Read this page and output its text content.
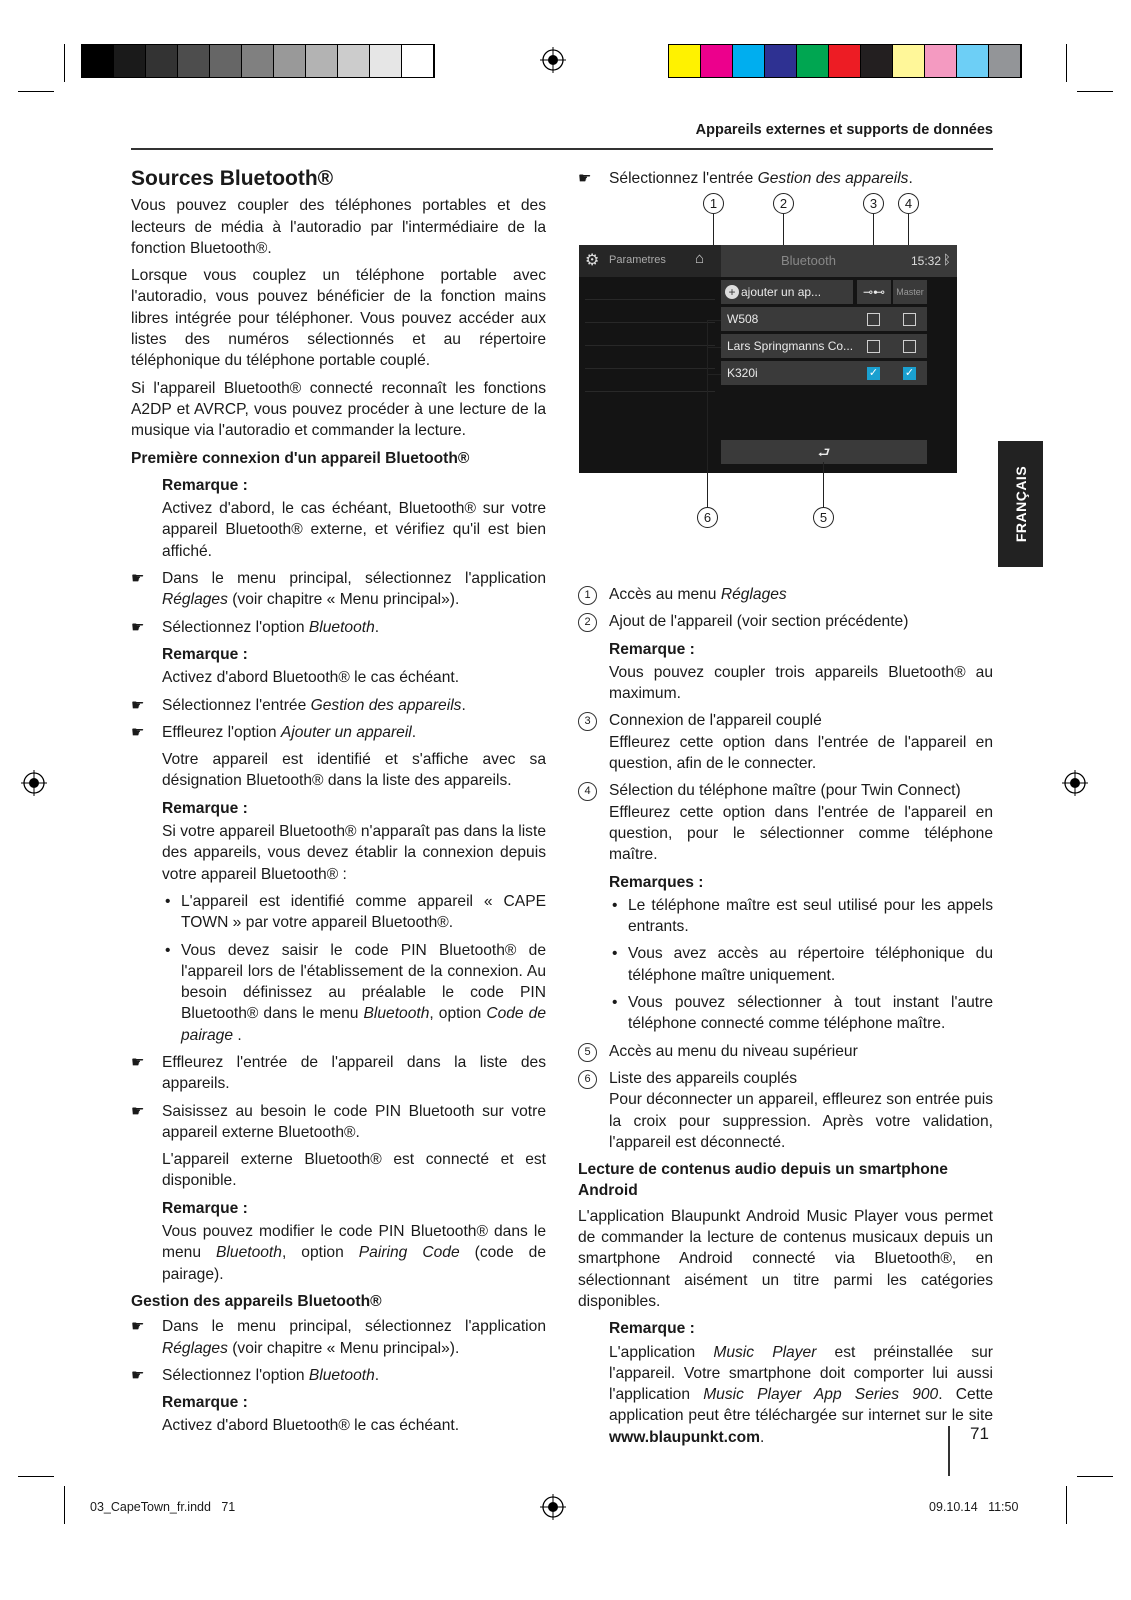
Appareils externes et supports de données
Sources Bluetooth®

Vous pouvez coupler des téléphones portables et des lecteurs de média à l'autoradio par l'intermédiaire de la fonction Bluetooth®.

Lorsque vous couplez un téléphone portable avec l'autoradio, vous pouvez bénéficier de la fonction mains libres intégrée pour téléphoner. Vous pouvez accéder aux listes des numéros sélectionnés et au répertoire téléphonique du téléphone portable couplé.

Si l'appareil Bluetooth® connecté reconnaît les fonctions A2DP et AVRCP, vous pouvez procéder à une lecture de la musique via l'autoradio et commander la lecture.

Première connexion d'un appareil Bluetooth®
Remarque :

Activez d'abord, le cas échéant, Bluetooth® sur votre appareil Bluetooth® externe, et vérifiez qu'il est bien affiché.

☛ Dans le menu principal, sélectionnez l'application Réglages (voir chapitre « Menu principal»).
☛ Sélectionnez l'option Bluetooth.
Remarque :

Activez d'abord Bluetooth® le cas échéant.

☛ Sélectionnez l'entrée Gestion des appareils.
☛ Effleurez l'option Ajouter un appareil.

Votre appareil est identifié et s'affiche avec sa désignation Bluetooth® dans la liste des appareils.

Remarque :

Si votre appareil Bluetooth® n'apparaît pas dans la liste des appareils, vous devez établir la connexion depuis votre appareil Bluetooth® :

• L'appareil est identifié comme appareil « CAPE TOWN » par votre appareil Bluetooth®.
• Vous devez saisir le code PIN Bluetooth® de l'appareil lors de l'établissement de la connexion. Au besoin définissez au préalable le code PIN Bluetooth® dans le menu Bluetooth, option Code de pairage .
☛ Effleurez l'entrée de l'appareil dans la liste des appareils.
☛ Saisissez au besoin le code PIN Bluetooth sur votre appareil externe Bluetooth®.

L'appareil externe Bluetooth® est connecté et est disponible.

Remarque :

Vous pouvez modifier le code PIN Bluetooth® dans le menu Bluetooth, option Pairing Code (code de pairage).

Gestion des appareils Bluetooth®
☛ Dans le menu principal, sélectionnez l'application Réglages (voir chapitre « Menu principal»).
☛ Sélectionnez l'option Bluetooth.
Remarque :

Activez d'abord Bluetooth® le cas échéant.

☛ Sélectionnez l'entrée Gestion des appareils.
1	2	3	4
⚙ Parametres ⌂	Bluetooth	15:32 ᛒ
+ ajouter un ap...	⊸⊷	Master
W508
Lars Springmanns Co...
K320i	✓ ✓
⮐
6	5
1	Accès au menu Réglages
2	Ajout de l'appareil (voir section précédente)
Remarque :

Vous pouvez coupler trois appareils Bluetooth® au maximum.

3	Connexion de l'appareil couplé

Effleurez cette option dans l'entrée de l'appareil en question, afin de le connecter.
4	Sélection du téléphone maître (pour Twin Connect)

Effleurez cette option dans l'entrée de l'appareil en question, pour le sélectionner comme téléphone maître.
Remarques :
• Le téléphone maître est seul utilisé pour les appels entrants.
• Vous avez accès au répertoire téléphonique du téléphone maître uniquement.
• Vous pouvez sélectionner à tout instant l'autre téléphone connecté comme téléphone maître.
5	Accès au menu du niveau supérieur
6	Liste des appareils couplés

Pour déconnecter un appareil, effleurez son entrée puis la croix pour suppression. Après votre validation, l'appareil est déconnecté.
Lecture de contenus audio depuis un smartphone Android

L'application Blaupunkt Android Music Player vous permet de commander la lecture de contenus musicaux depuis un smartphone Android connecté via Bluetooth®, en sélectionnant aisément un titre parmi les catégories disponibles.

Remarque :

L'application Music Player est préinstallée sur l'appareil. Votre smartphone doit comporter lui aussi l'application Music Player App Series 900. Cette application peut être téléchargée sur internet sur le site www.blaupunkt.com.

FRANÇAIS
71
03_CapeTown_fr.indd   71	09.10.14   11:50
